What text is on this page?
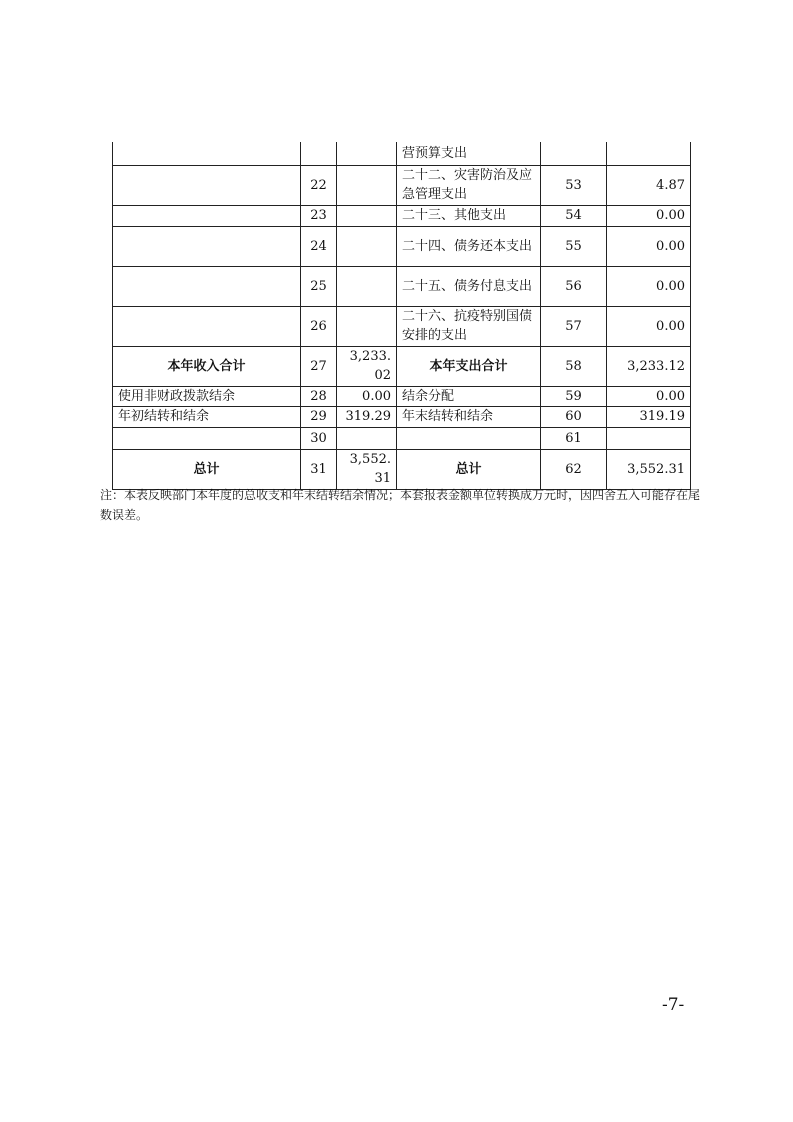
			营预算支出		
	22		二十二、灾害防治及应急管理支出	53	4.87
	23		二十三、其他支出	54	0.00
	24		二十四、债务还本支出	55	0.00
	25		二十五、债务付息支出	56	0.00
	26		二十六、抗疫特别国债安排的支出	57	0.00
本年收入合计	27	3,233.02	本年支出合计	58	3,233.12
使用非财政拨款结余	28	0.00	结余分配	59	0.00
年初结转和结余	29	319.29	年末结转和结余	60	319.19
	30			61	
总计	31	3,552.31	总计	62	3,552.31
注：本表反映部门本年度的总收支和年末结转结余情况；本套报表金额单位转换成万元时，因四舍五入可能存在尾数误差。
-7-
